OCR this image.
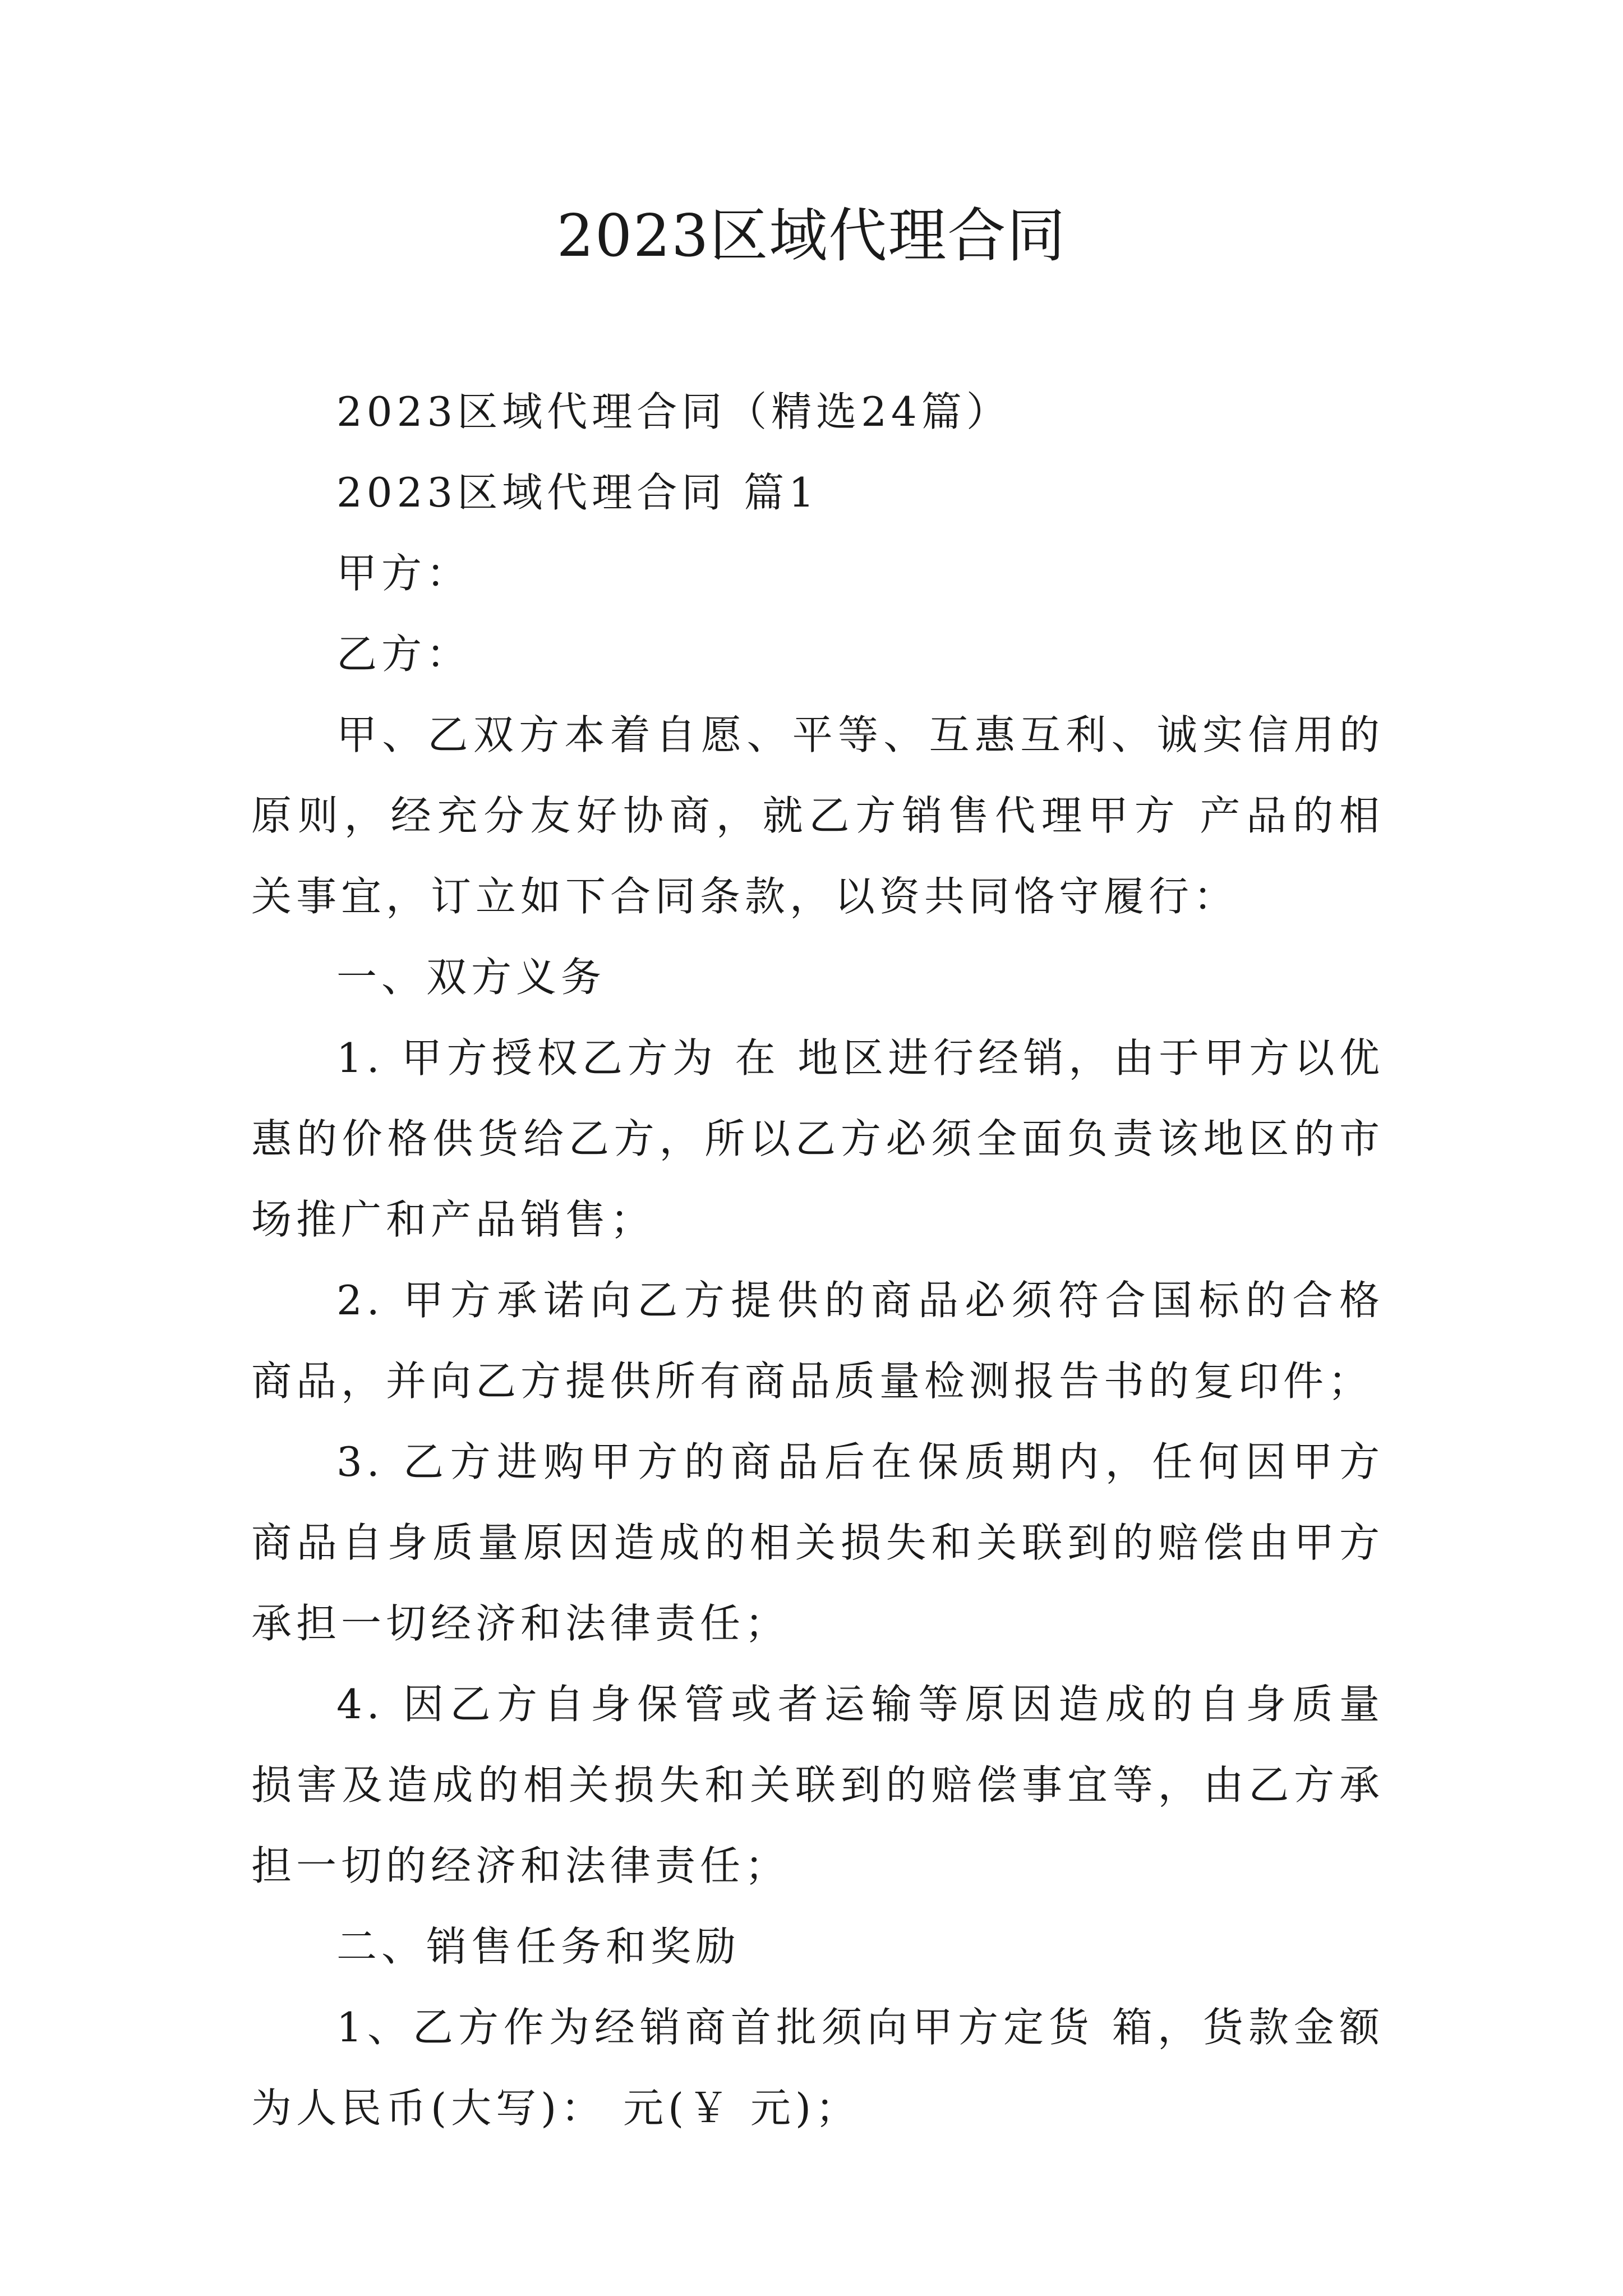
2023区域代理合同

2023区域代理合同（精选24篇）

2023区域代理合同 篇1

甲方：

乙方：

甲、乙双方本着自愿、平等、互惠互利、诚实信用的原则，经充分友好协商，就乙方销售代理甲方 产品的相关事宜，订立如下合同条款，以资共同恪守履行：

一、双方义务

1. 甲方授权乙方为 在 地区进行经销，由于甲方以优惠的价格供货给乙方，所以乙方必须全面负责该地区的市场推广和产品销售；

2. 甲方承诺向乙方提供的商品必须符合国标的合格商品，并向乙方提供所有商品质量检测报告书的复印件；

3. 乙方进购甲方的商品后在保质期内，任何因甲方商品自身质量原因造成的相关损失和关联到的赔偿由甲方承担一切经济和法律责任；

4. 因乙方自身保管或者运输等原因造成的自身质量损害及造成的相关损失和关联到的赔偿事宜等，由乙方承担一切的经济和法律责任；

二、销售任务和奖励

1、乙方作为经销商首批须向甲方定货 箱，货款金额为人民币(大写)： 元(￥ 元)；
